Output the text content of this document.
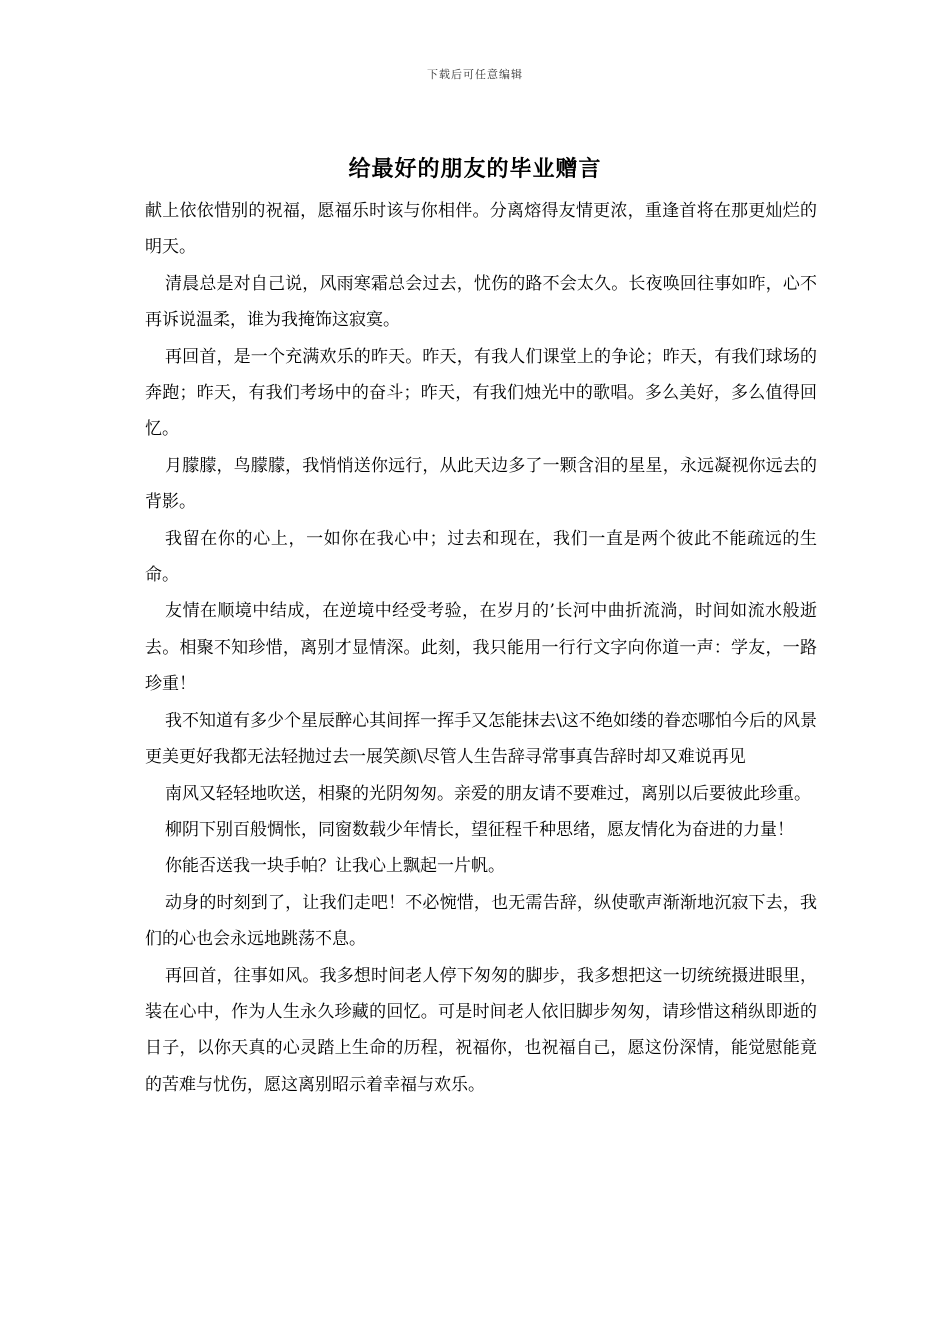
下载后可任意编辑
给最好的朋友的毕业赠言

献上依依惜别的祝福，愿福乐时该与你相伴。分离熔得友情更浓，重逢首将在那更灿烂的明天。

清晨总是对自己说，风雨寒霜总会过去，忧伤的路不会太久。长夜唤回往事如昨，心不再诉说温柔，谁为我掩饰这寂寞。

再回首，是一个充满欢乐的昨天。昨天，有我人们课堂上的争论；昨天，有我们球场的奔跑；昨天，有我们考场中的奋斗；昨天，有我们烛光中的歌唱。多么美好，多么值得回忆。

月朦朦，鸟朦朦，我悄悄送你远行，从此天边多了一颗含泪的星星，永远凝视你远去的背影。

我留在你的心上，一如你在我心中；过去和现在，我们一直是两个彼此不能疏远的生命。

友情在顺境中结成，在逆境中经受考验，在岁月的’长河中曲折流淌，时间如流水般逝去。相聚不知珍惜，离别才显情深。此刻，我只能用一行行文字向你道一声：学友，一路珍重！

我不知道有多少个星辰醉心其间挥一挥手又怎能抹去\这不绝如缕的眷恋哪怕今后的风景更美更好我都无法轻抛过去一展笑颜\尽管人生告辞寻常事真告辞时却又难说再见

南风又轻轻地吹送，相聚的光阴匆匆。亲爱的朋友请不要难过，离别以后要彼此珍重。

柳阴下别百般惆怅，同窗数载少年情长，望征程千种思绪，愿友情化为奋进的力量！

你能否送我一块手帕？让我心上飘起一片帆。

动身的时刻到了，让我们走吧！不必惋惜，也无需告辞，纵使歌声渐渐地沉寂下去，我们的心也会永远地跳荡不息。

再回首，往事如风。我多想时间老人停下匆匆的脚步，我多想把这一切统统摄进眼里，装在心中，作为人生永久珍藏的回忆。可是时间老人依旧脚步匆匆，请珍惜这稍纵即逝的日子，以你天真的心灵踏上生命的历程，祝福你，也祝福自己，愿这份深情，能觉慰能竟的苦难与忧伤，愿这离别昭示着幸福与欢乐。
